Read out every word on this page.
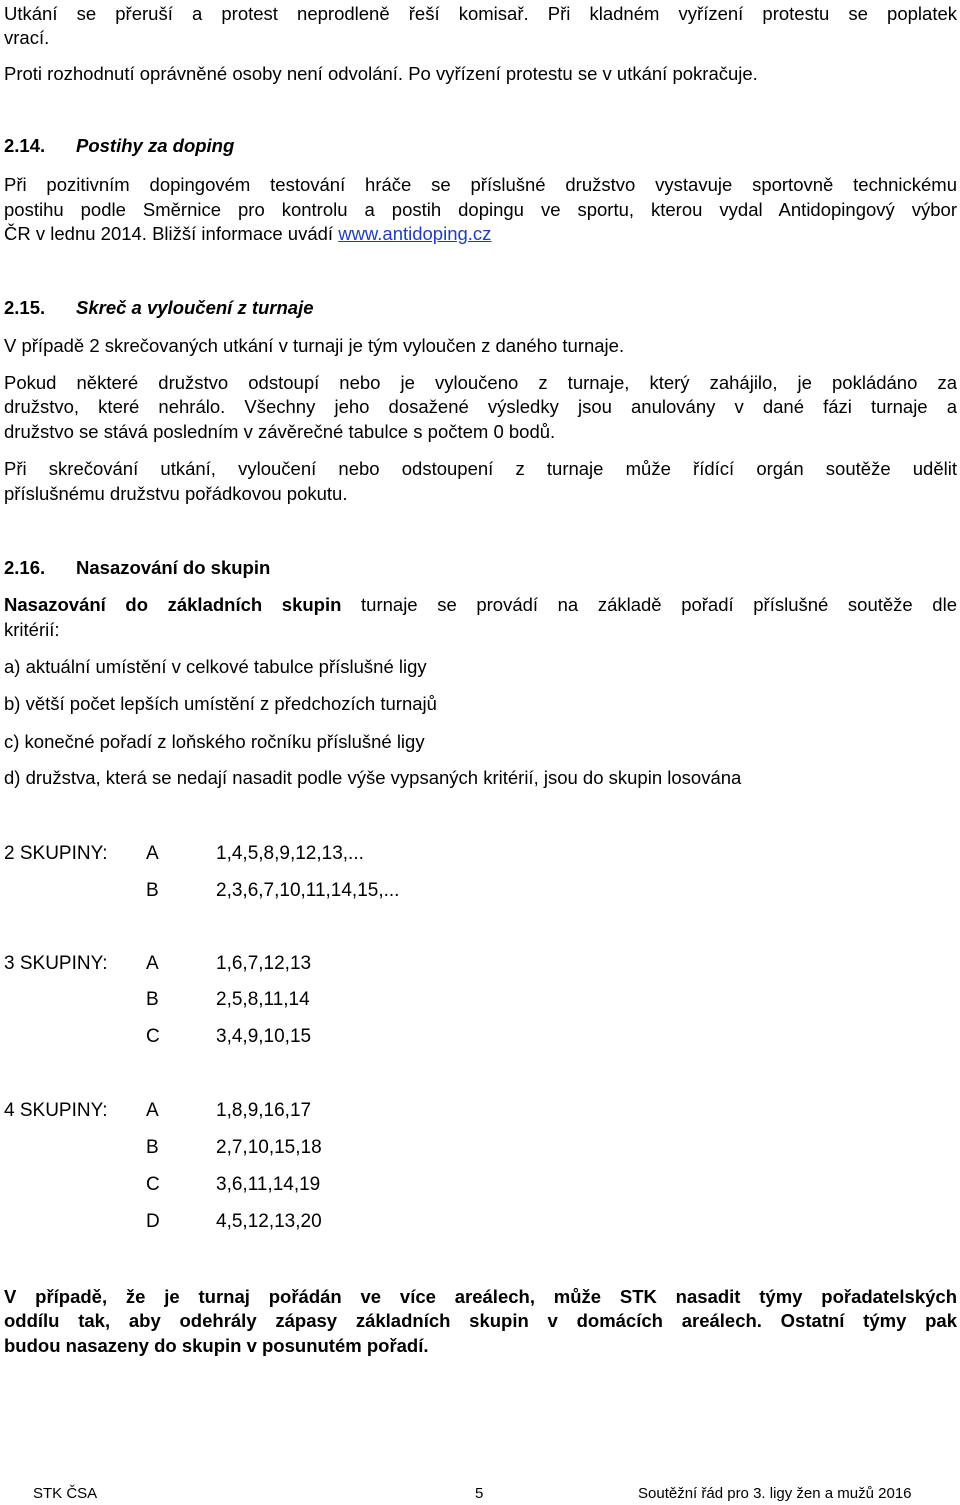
Utkání se přeruší a protest neprodleně řeší komisař. Při kladném vyřízení protestu se poplatek
vrací.
Proti rozhodnutí oprávněné osoby není odvolání. Po vyřízení protestu se v utkání pokračuje.
2.14. Postihy za doping
Při pozitivním dopingovém testování hráče se příslušné družstvo vystavuje sportovně technickému
postihu podle Směrnice pro kontrolu a postih dopingu ve sportu, kterou vydal Antidopingový výbor
ČR v lednu 2014. Bližší informace uvádí www.antidoping.cz
2.15. Skreč a vyloučení z turnaje
V případě 2 skrečovaných utkání v turnaji je tým vyloučen z daného turnaje.
Pokud některé družstvo odstoupí nebo je vyloučeno z turnaje, který zahájilo, je pokládáno za
družstvo, které nehrálo. Všechny jeho dosažené výsledky jsou anulovány v dané fázi turnaje a
družstvo se stává posledním v závěrečné tabulce s počtem 0 bodů.
Při skrečování utkání, vyloučení nebo odstoupení z turnaje může řídící orgán soutěže udělit
příslušnému družstvu pořádkovou pokutu.
2.16. Nasazování do skupin
Nasazování do základních skupin turnaje se provádí na základě pořadí příslušné soutěže dle
kritérií:
a) aktuální umístění v celkové tabulce příslušné ligy
b) větší počet lepších umístění z předchozích turnajů
c) konečné pořadí z loňského ročníku příslušné ligy
d) družstva, která se nedají nasadit podle výše vypsaných kritérií, jsou do skupin losována
2 SKUPINY: A	1,4,5,8,9,12,13,...
B	2,3,6,7,10,11,14,15,...
3 SKUPINY: A	1,6,7,12,13
B	2,5,8,11,14
C	3,4,9,10,15
4 SKUPINY: A	1,8,9,16,17
B	2,7,10,15,18
C	3,6,11,14,19
D	4,5,12,13,20
V případě, že je turnaj pořádán ve více areálech, může STK nasadit týmy pořadatelských
oddílu tak, aby odehrály zápasy základních skupin v domácích areálech. Ostatní týmy pak
budou nasazeny do skupin v posunutém pořadí.
STK ČSA	5	Soutěžní řád pro 3. ligy žen a mužů 2016
